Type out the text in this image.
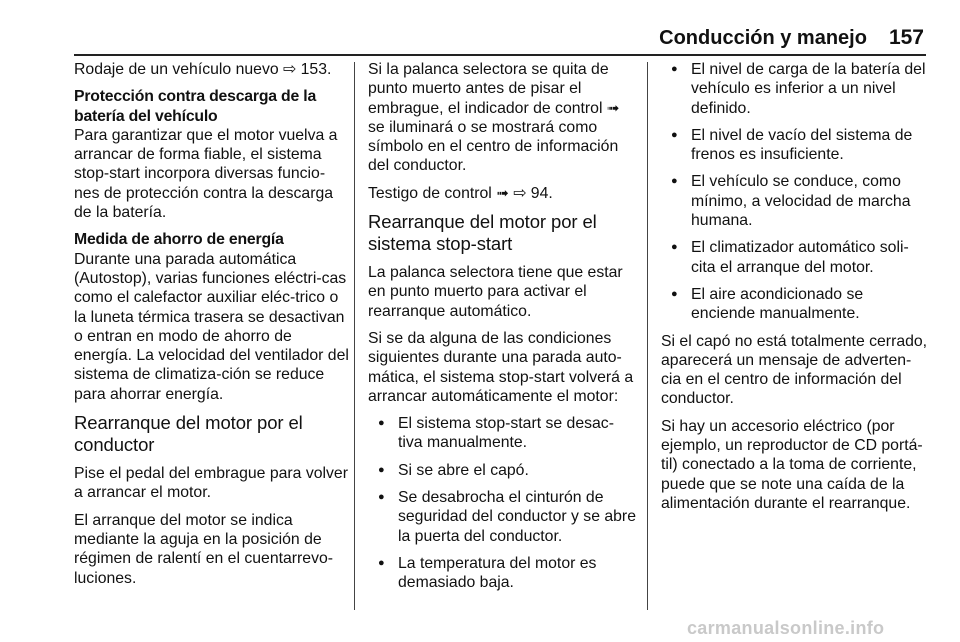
Conducción y manejo 157

Rodaje de un vehículo nuevo ⇨ 153.

Protección contra descarga de la batería del vehículo
Para garantizar que el motor vuelva a arrancar de forma fiable, el sistema stop-start incorpora diversas funcio-nes de protección contra la descarga de la batería.

Medida de ahorro de energía
Durante una parada automática (Autostop), varias funciones eléctri-cas como el calefactor auxiliar eléc-trico o la luneta térmica trasera se desactivan o entran en modo de ahorro de energía. La velocidad del ventilador del sistema de climatiza-ción se reduce para ahorrar energía.

Rearranque del motor por el conductor

Pise el pedal del embrague para volver a arrancar el motor.

El arranque del motor se indica mediante la aguja en la posición de régimen de ralentí en el cuentarrevo-luciones.

Si la palanca selectora se quita de punto muerto antes de pisar el embrague, el indicador de control ➟ se iluminará o se mostrará como símbolo en el centro de información del conductor.

Testigo de control ➟ ⇨ 94.

Rearranque del motor por el sistema stop-start

La palanca selectora tiene que estar en punto muerto para activar el rearranque automático.

Si se da alguna de las condiciones siguientes durante una parada auto-mática, el sistema stop-start volverá a arrancar automáticamente el motor:

● El sistema stop-start se desac-tiva manualmente.
● Si se abre el capó.
● Se desabrocha el cinturón de seguridad del conductor y se abre la puerta del conductor.
● La temperatura del motor es demasiado baja.
● El nivel de carga de la batería del vehículo es inferior a un nivel definido.
● El nivel de vacío del sistema de frenos es insuficiente.
● El vehículo se conduce, como mínimo, a velocidad de marcha humana.
● El climatizador automático soli-cita el arranque del motor.
● El aire acondicionado se enciende manualmente.

Si el capó no está totalmente cerrado, aparecerá un mensaje de adverten-cia en el centro de información del conductor.

Si hay un accesorio eléctrico (por ejemplo, un reproductor de CD portá-til) conectado a la toma de corriente, puede que se note una caída de la alimentación durante el rearranque.

carmanualsonline.info
